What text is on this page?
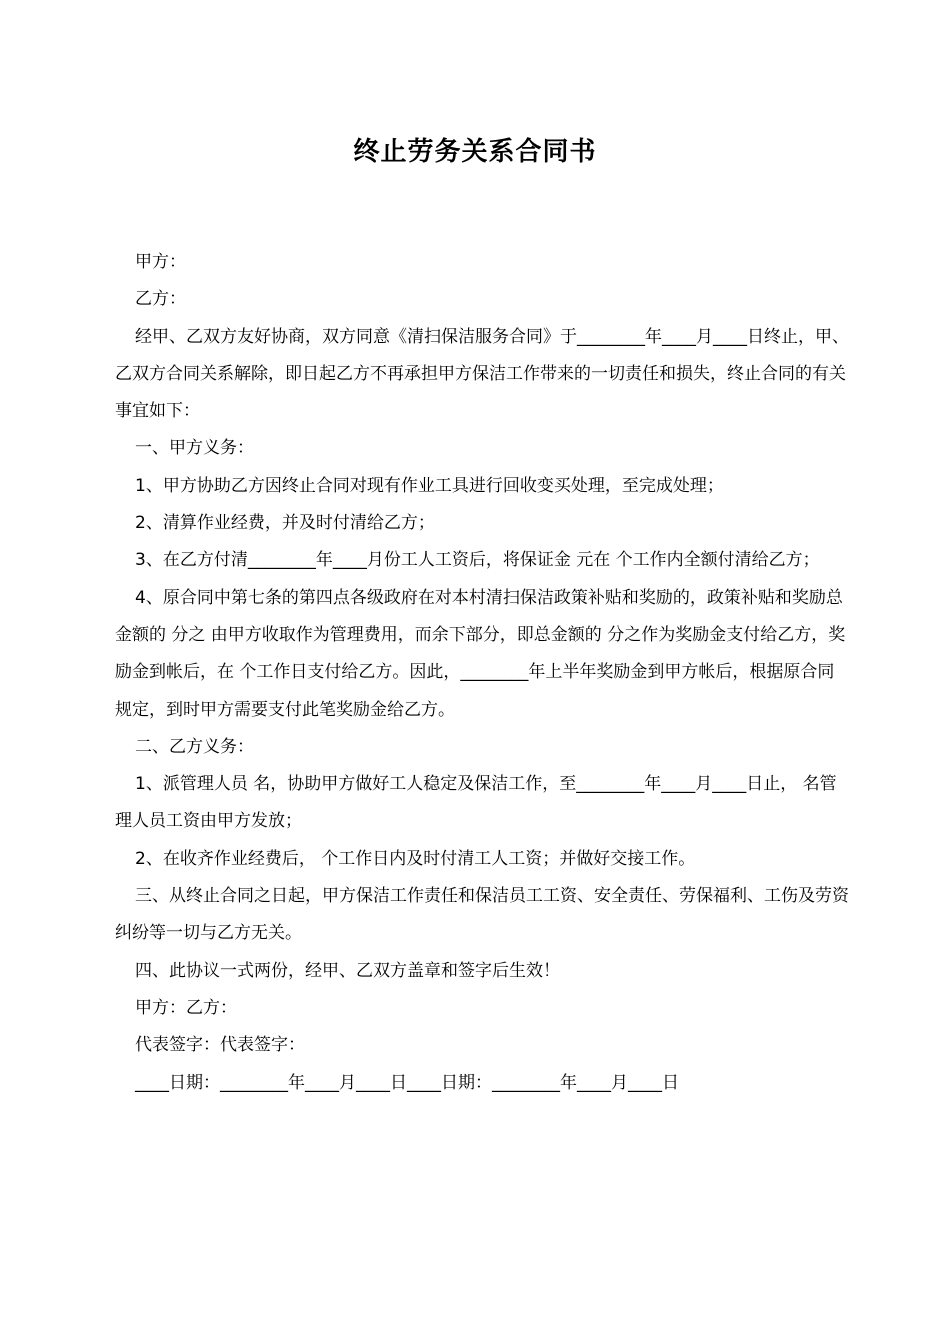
终止劳务关系合同书

甲方：

乙方：

经甲、乙双方友好协商，双方同意《清扫保洁服务合同》于________年____月____日终止，甲、乙双方合同关系解除，即日起乙方不再承担甲方保洁工作带来的一切责任和损失，终止合同的有关事宜如下：

一、甲方义务：

1、甲方协助乙方因终止合同对现有作业工具进行回收变买处理，至完成处理；

2、清算作业经费，并及时付清给乙方；

3、在乙方付清________年____月份工人工资后，将保证金 元在 个工作内全额付清给乙方；

4、原合同中第七条的第四点各级政府在对本村清扫保洁政策补贴和奖励的，政策补贴和奖励总金额的 分之 由甲方收取作为管理费用，而余下部分，即总金额的 分之作为奖励金支付给乙方，奖励金到帐后，在 个工作日支付给乙方。因此，________年上半年奖励金到甲方帐后，根据原合同规定，到时甲方需要支付此笔奖励金给乙方。

二、乙方义务：

1、派管理人员 名，协助甲方做好工人稳定及保洁工作，至________年____月____日止， 名管理人员工资由甲方发放；

2、在收齐作业经费后， 个工作日内及时付清工人工资；并做好交接工作。

三、从终止合同之日起，甲方保洁工作责任和保洁员工工资、安全责任、劳保福利、工伤及劳资纠纷等一切与乙方无关。

四、此协议一式两份，经甲、乙双方盖章和签字后生效！

甲方：乙方：

代表签字：代表签字：

____日期：________年____月____日____日期：________年____月____日
